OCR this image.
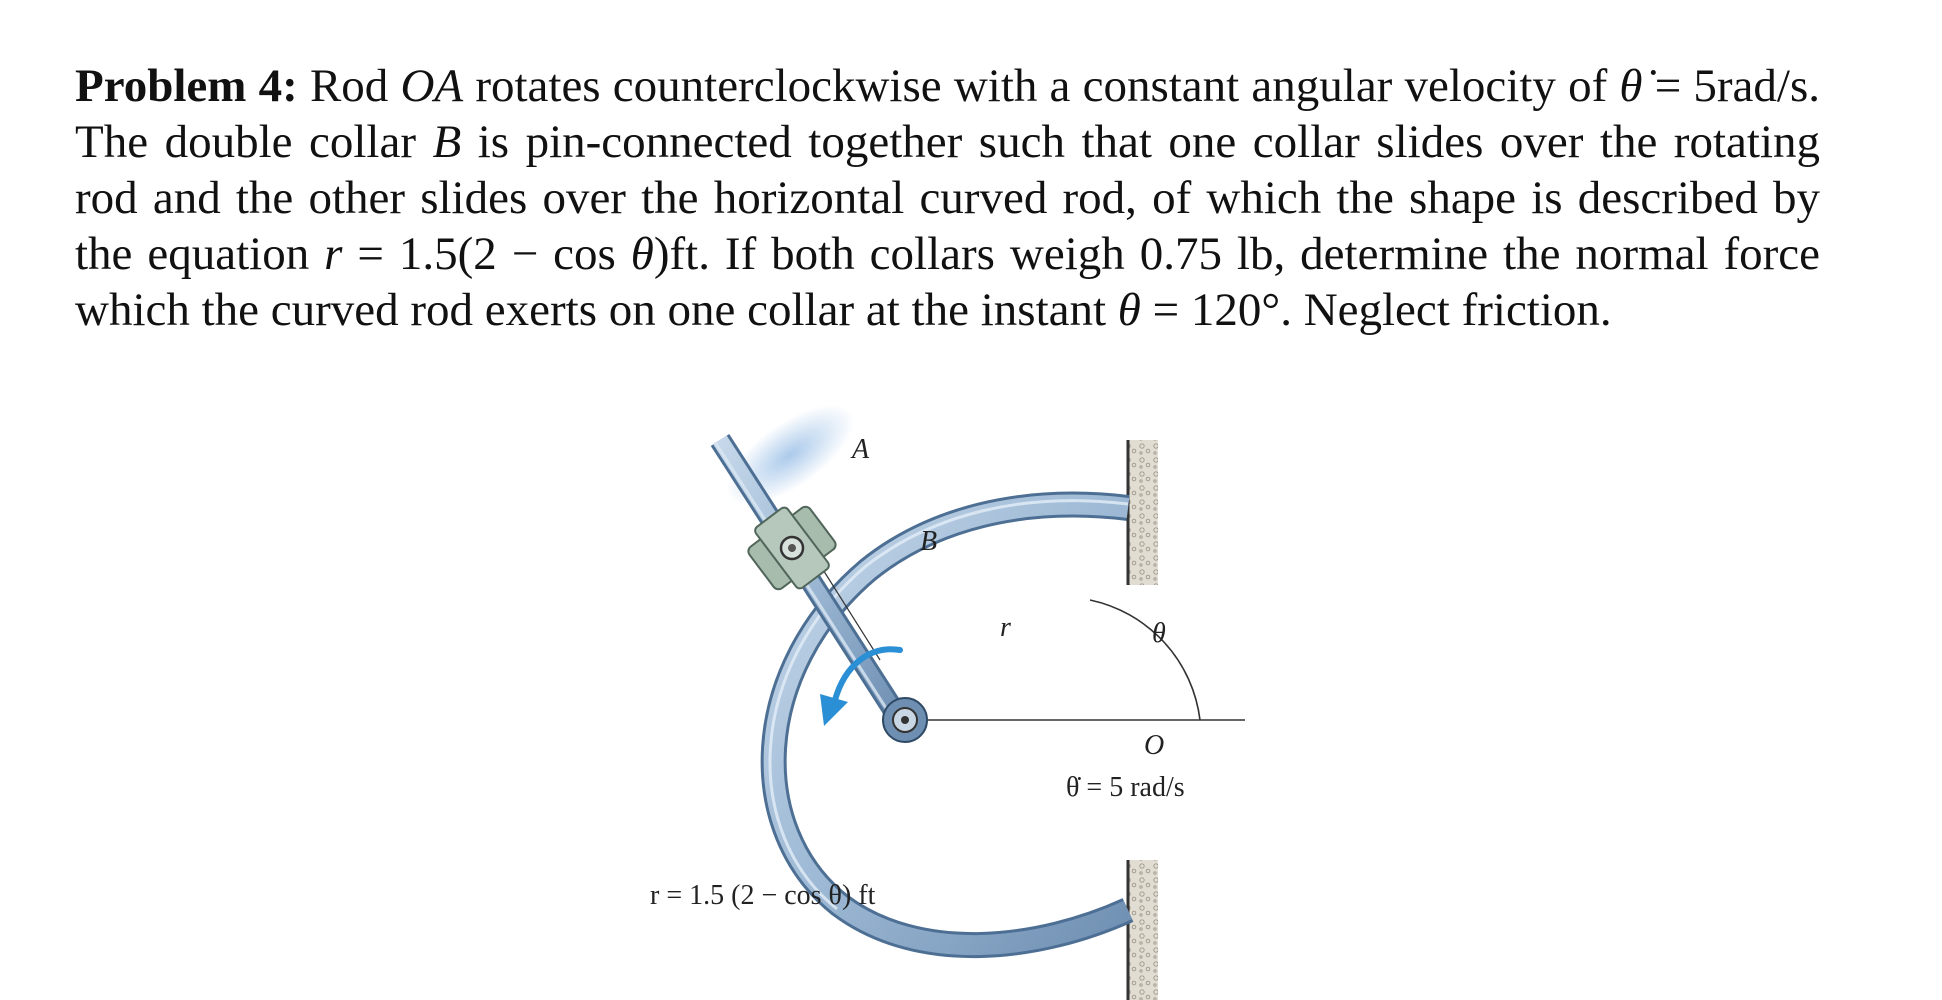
Problem 4: Rod OA rotates counterclockwise with a constant angular velocity of θ̇ = 5rad/s. The double collar B is pin-connected together such that one collar slides over the rotating rod and the other slides over the horizontal curved rod, of which the shape is described by the equation r = 1.5(2 − cos θ)ft. If both collars weigh 0.75 lb, determine the normal force which the curved rod exerts on one collar at the instant θ = 120°. Neglect friction.
A
B
r	θ
O
θ̇ = 5 rad/s
r = 1.5 (2 − cos θ) ft
